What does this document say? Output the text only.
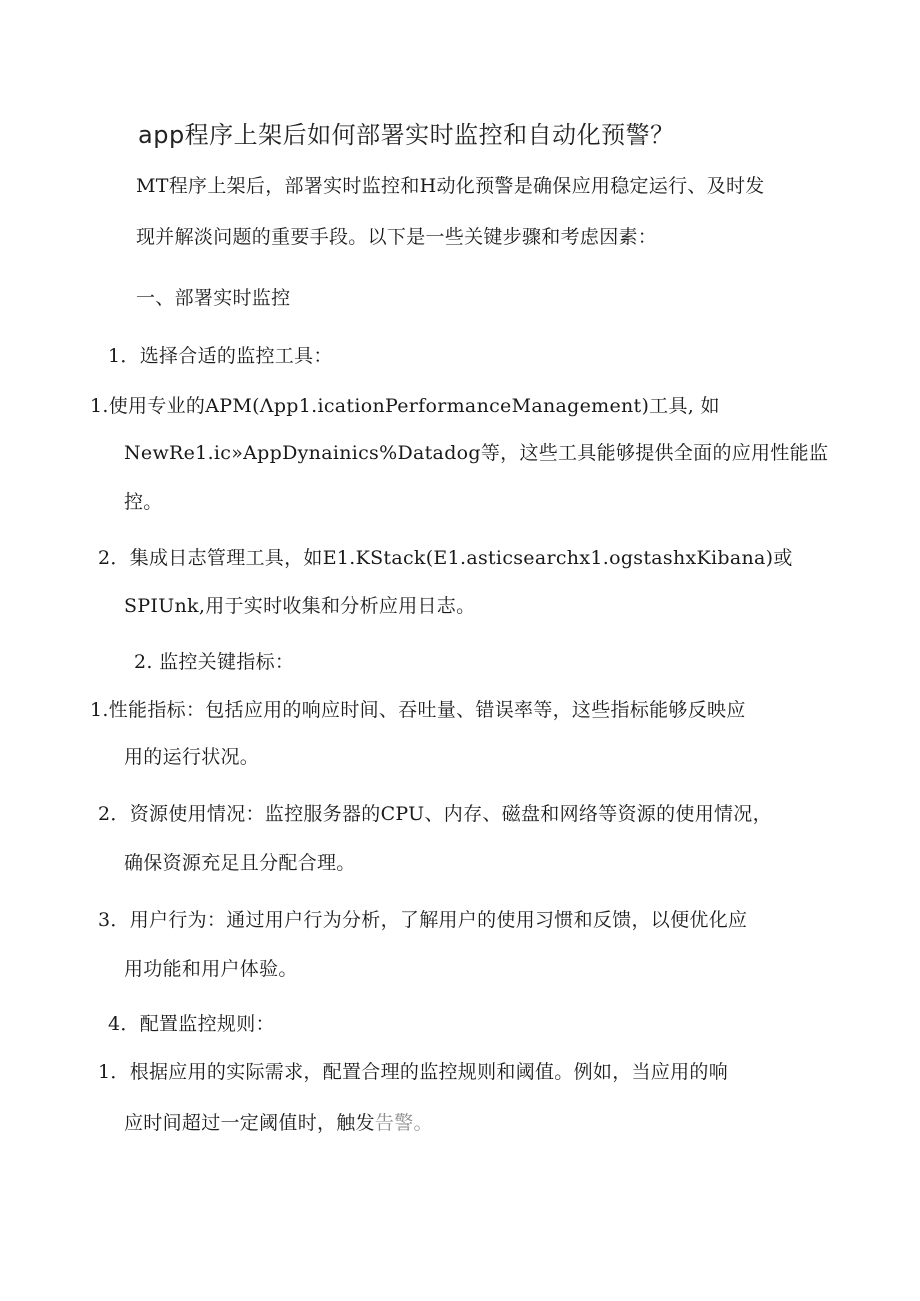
app程序上架后如何部署实时监控和自动化预警？
MT程序上架后，部署实时监控和H动化预警是确保应用稳定运行、及时发
现并解淡问题的重要手段。以下是一些关键步骤和考虑因素：
一、部署实时监控
1．选择合适的监控工具：
1.使用专业的APM(Λpp1.icationPerformanceManagement)工具, 如
NewRe1.ic»AppDynainics%Datadog等，这些工具能够提供全面的应用性能监
控。
2．集成日志管理工具，如E1.KStack(E1.asticsearchx1.ogstashxKibana)或
SPIUnk,用于实时收集和分析应用日志。
2. 监控关键指标：
1.性能指标：包括应用的响应时间、吞吐量、错误率等，这些指标能够反映应
用的运行状况。
2．资源使用情况：监控服务器的CPU、内存、磁盘和网络等资源的使用情况，
确保资源充足且分配合理。
3．用户行为：通过用户行为分析，了解用户的使用习惯和反馈，以便优化应
用功能和用户体验。
4．配置监控规则：
1．根据应用的实际需求，配置合理的监控规则和阈值。例如，当应用的响
应时间超过一定阈值时，触发告警。
